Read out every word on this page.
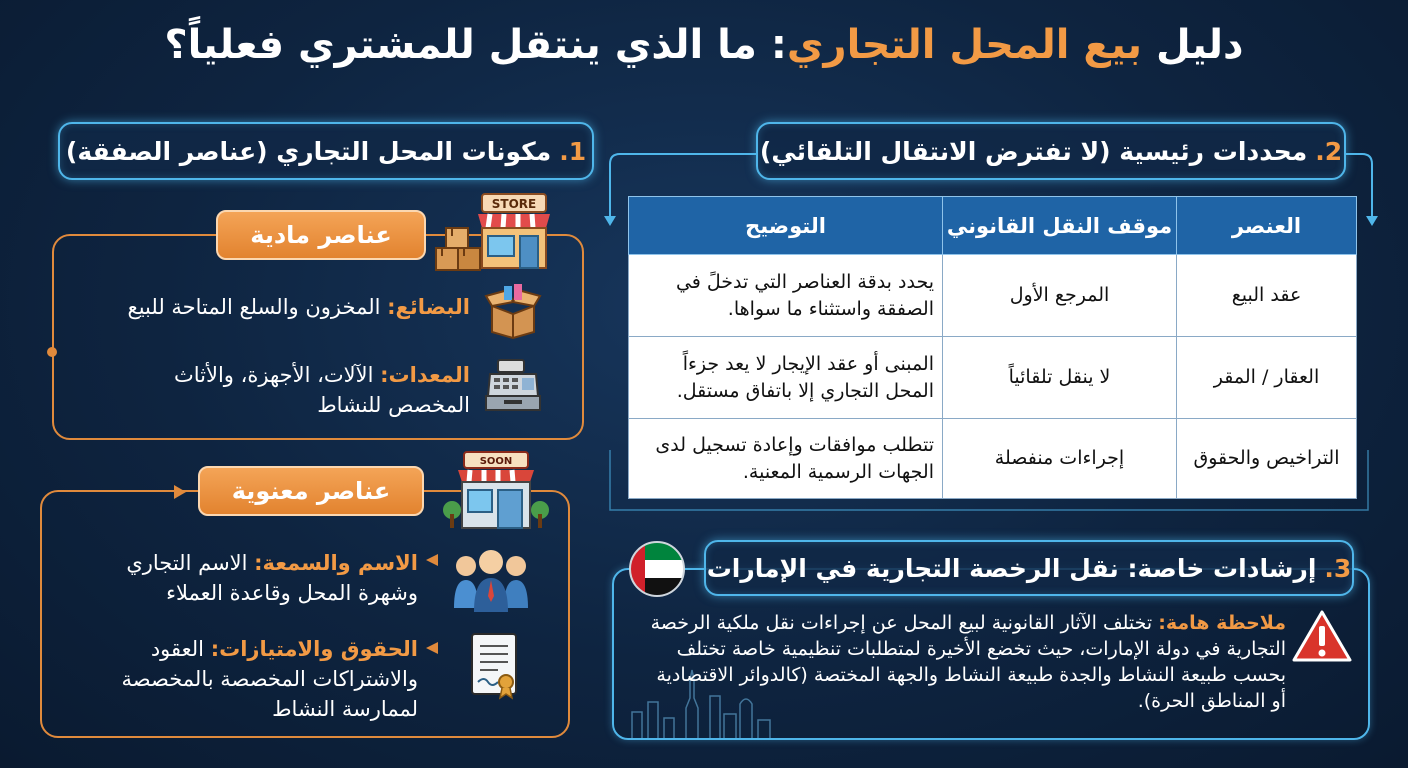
دليل بيع المحل التجاري: ما الذي ينتقل للمشتري فعلياً؟
1.
مكونات المحل التجاري (عناصر الصفقة)
عناصر مادية
STORE
البضائع: المخزون والسلع المتاحة للبيع
المعدات: الآلات، الأجهزة، والأثاث المخصص للنشاط
عناصر معنوية
SOON
الاسم والسمعة: الاسم التجاري وشهرة المحل وقاعدة العملاء
الحقوق والامتيازات: العقود والاشتراكات المخصصة بالمخصصة لممارسة النشاط
2.
محددات رئيسية (لا تفترض الانتقال التلقائي)
العنصر	موقف النقل القانوني	التوضيح
عقد البيع	المرجع الأول	يحدد بدقة العناصر التي تدخلً في الصفقة واستثناء ما سواها.
العقار / المقر	لا ينقل تلقائياً	المبنى أو عقد الإيجار لا يعد جزءاً المحل التجاري إلا باتفاق مستقل.
التراخيص والحقوق	إجراءات منفصلة	تتطلب موافقات وإعادة تسجيل لدى الجهات الرسمية المعنية.
3.
إرشادات خاصة: نقل الرخصة التجارية في الإمارات
ملاحظة هامة: تختلف الآثار القانونية لبيع المحل عن إجراءات نقل ملكية الرخصة التجارية في دولة الإمارات، حيث تخضع الأخيرة لمتطلبات تنظيمية خاصة تختلف بحسب طبيعة النشاط والجدة طبيعة النشاط والجهة المختصة (كالدوائر الاقتصادية أو المناطق الحرة).
